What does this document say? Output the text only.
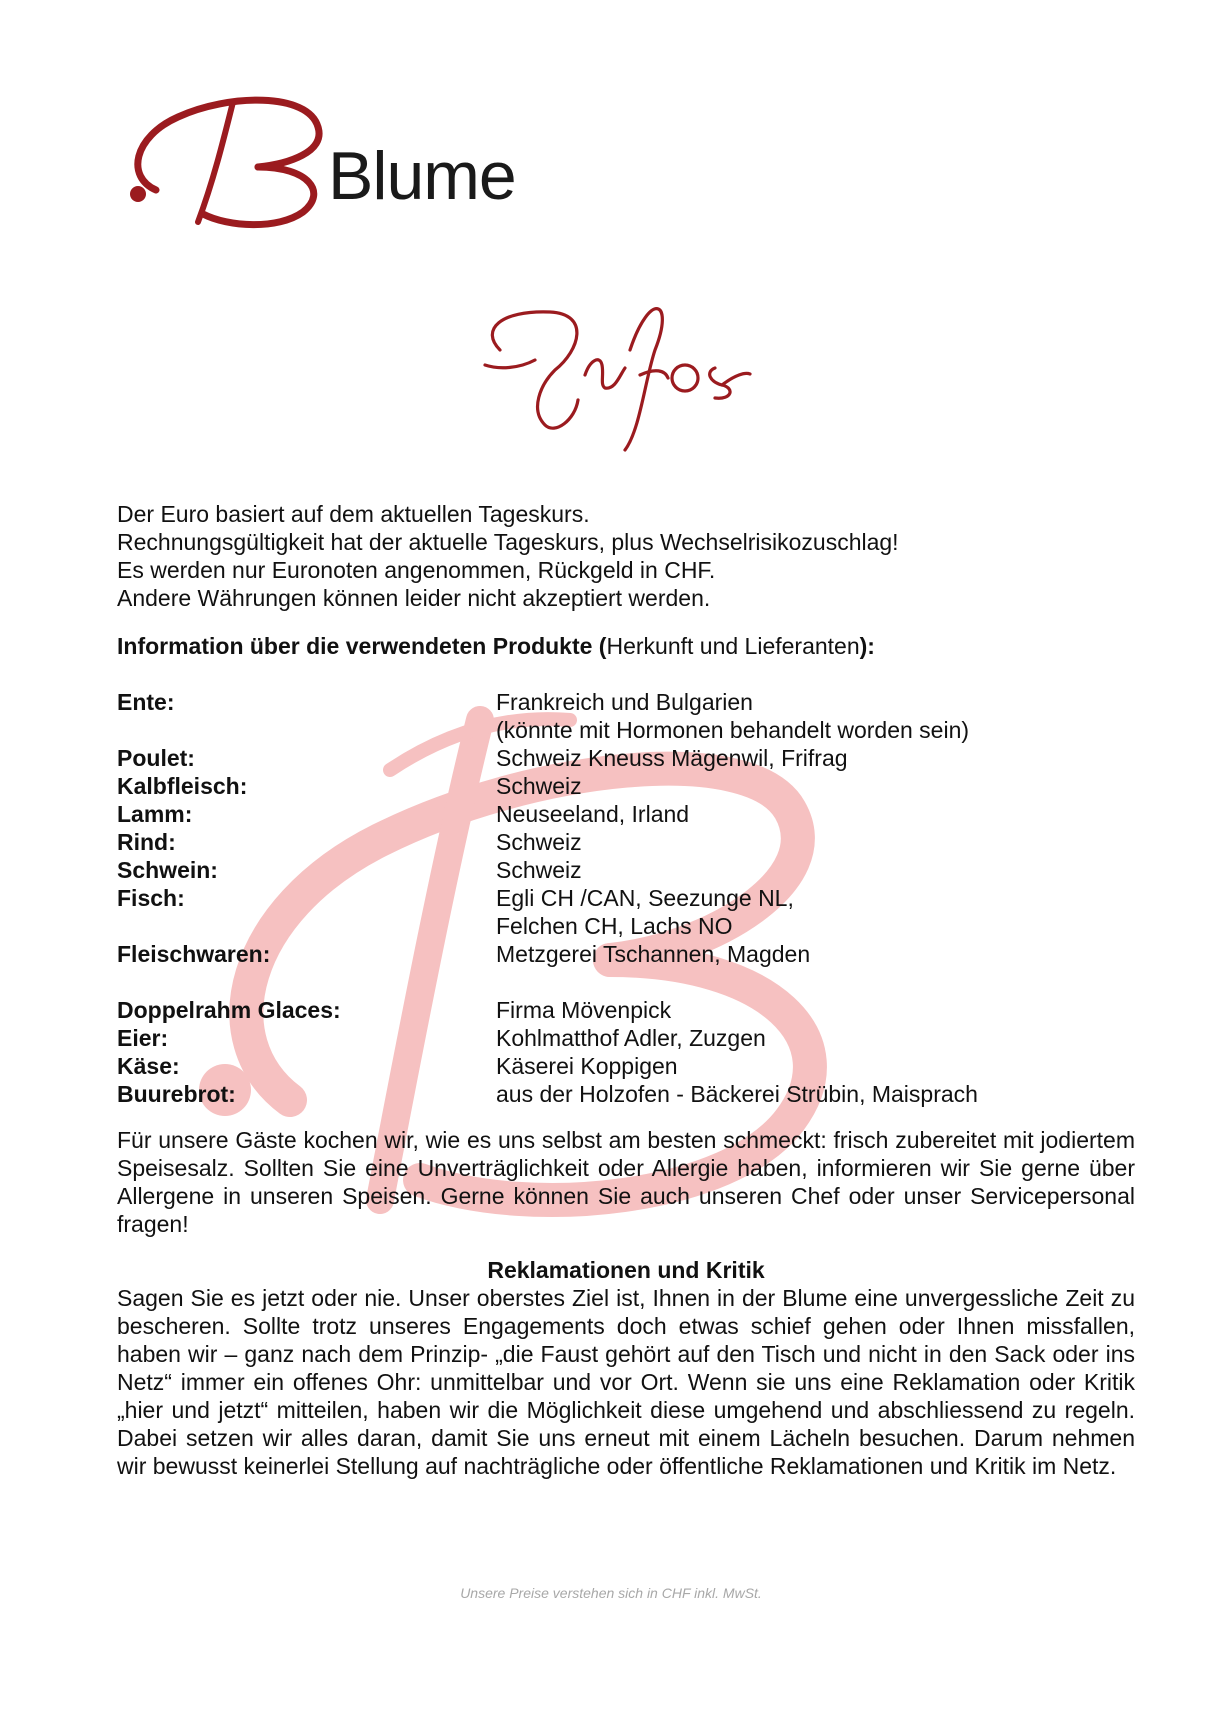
Blume
Infos

Der Euro basiert auf dem aktuellen Tageskurs.

Rechnungsgültigkeit hat der aktuelle Tageskurs, plus Wechselrisikozuschlag!

Es werden nur Euronoten angenommen, Rückgeld in CHF.

Andere Währungen können leider nicht akzeptiert werden.

Information über die verwendeten Produkte (Herkunft und Lieferanten):

Ente:	Frankreich und Bulgarien
(könnte mit Hormonen behandelt worden sein)

Poulet:	Schweiz Kneuss Mägenwil, Frifrag
Kalbfleisch:	Schweiz
Lamm:	Neuseeland, Irland
Rind:	Schweiz
Schwein:	Schweiz
Fisch:	Egli CH /CAN, Seezunge NL,
Felchen CH, Lachs NO

Fleischwaren:	Metzgerei Tschannen, Magden

Doppelrahm Glaces:	Firma Mövenpick
Eier:	Kohlmatthof Adler, Zuzgen
Käse:	Käserei Koppigen
Buurebrot:	aus der Holzofen - Bäckerei Strübin, Maisprach

Für unsere Gäste kochen wir, wie es uns selbst am besten schmeckt: frisch zubereitet mit jodiertem Speisesalz. Sollten Sie eine Unverträglichkeit oder Allergie haben, informieren wir Sie gerne über Allergene in unseren Speisen. Gerne können Sie auch unseren Chef oder unser Servicepersonal fragen!

Reklamationen und Kritik

Sagen Sie es jetzt oder nie. Unser oberstes Ziel ist, Ihnen in der Blume eine unvergessliche Zeit zu bescheren. Sollte trotz unseres Engagements doch etwas schief gehen oder Ihnen missfallen, haben wir – ganz nach dem Prinzip- „die Faust gehört auf den Tisch und nicht in den Sack oder ins Netz“ immer ein offenes Ohr: unmittelbar und vor Ort. Wenn sie uns eine Reklamation oder Kritik „hier und jetzt“ mitteilen, haben wir die Möglichkeit diese umgehend und abschliessend zu regeln. Dabei setzen wir alles daran, damit Sie uns erneut mit einem Lächeln besuchen. Darum nehmen wir bewusst keinerlei Stellung auf nachträgliche oder öffentliche Reklamationen und Kritik im Netz.

Unsere Preise verstehen sich in CHF inkl. MwSt.
